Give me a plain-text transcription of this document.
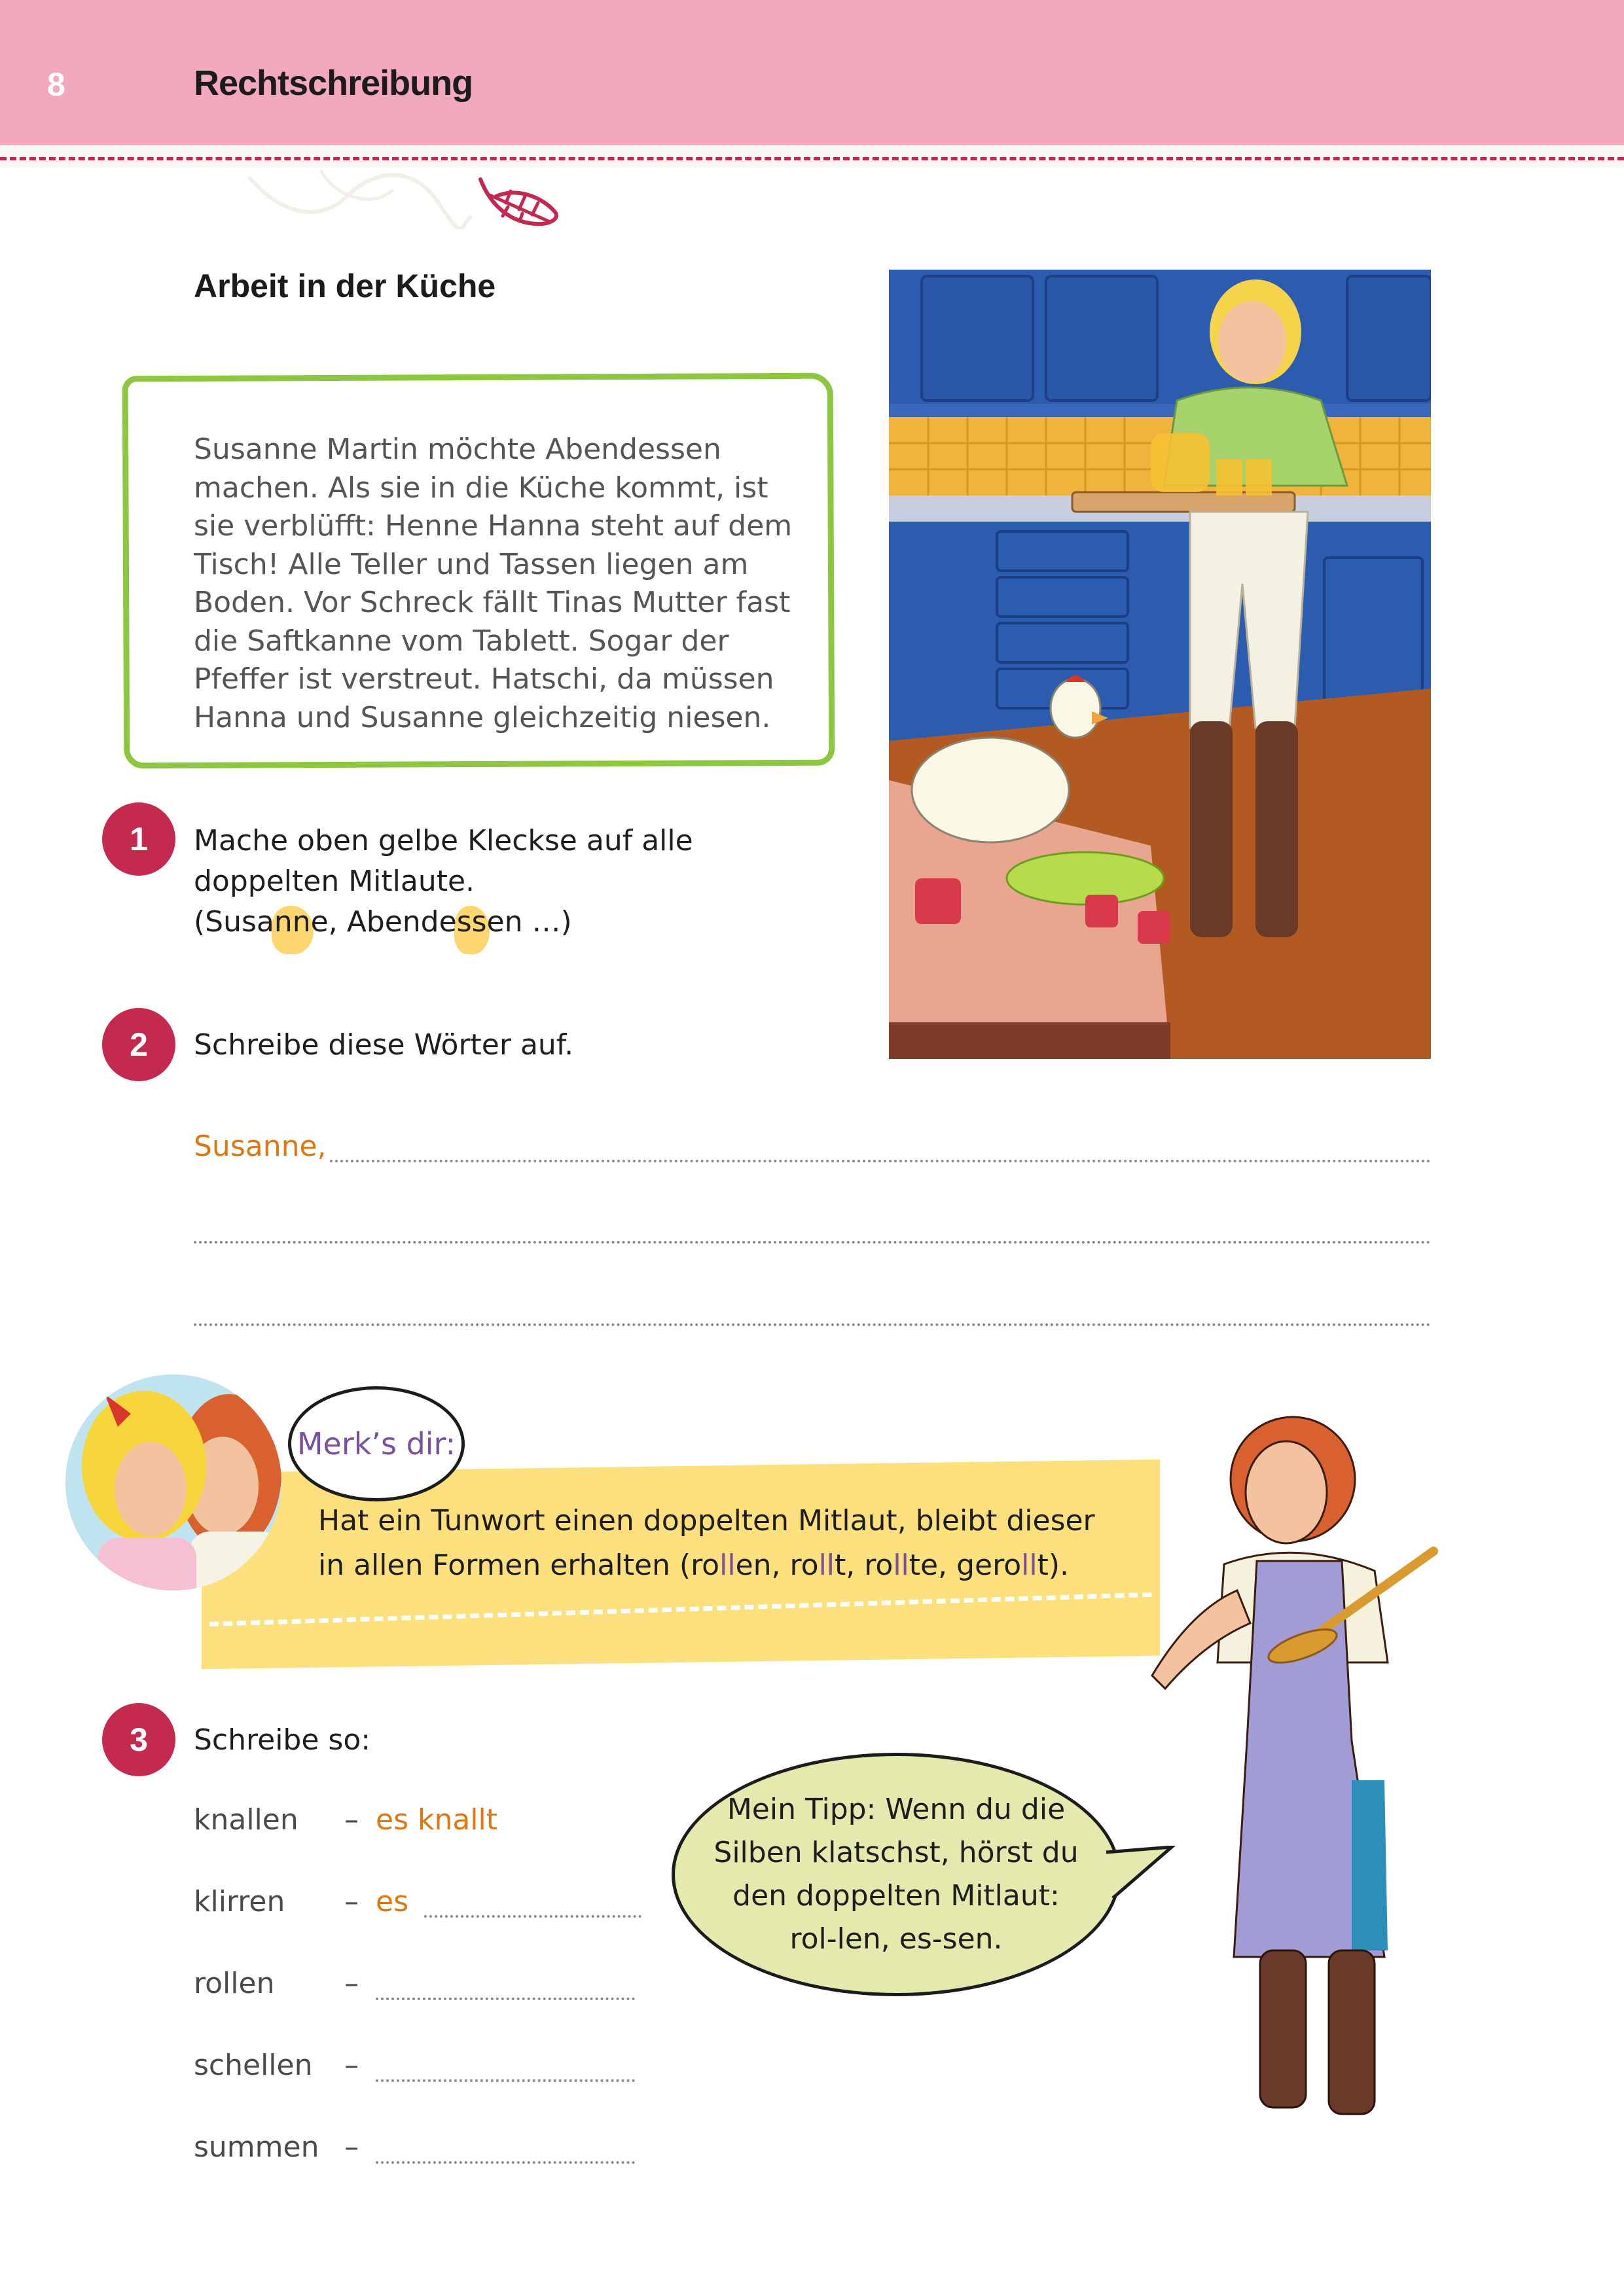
8	Rechtschreibung
Arbeit in der Küche
Susanne Martin möchte Abendessen
machen. Als sie in die Küche kommt, ist
sie verblüfft: Henne Hanna steht auf dem
Tisch! Alle Teller und Tassen liegen am
Boden. Vor Schreck fällt Tinas Mutter fast
die Saftkanne vom Tablett. Sogar der
Pfeffer ist verstreut. Hatschi, da müssen
Hanna und Susanne gleichzeitig niesen.
1	Mache oben gelbe Kleckse auf alle
doppelten Mitlaute.
(Susanne, Abendessen …)
2	Schreibe diese Wörter auf.
Susanne,
Merk’s dir:
Hat ein Tunwort einen doppelten Mitlaut, bleibt dieser
in allen Formen erhalten (rollen, rollt, rollte, gerollt).
3	Schreibe so:
knallen – es knallt
klirren – es
rollen –
schellen –
summen –
Mein Tipp: Wenn du die
Silben klatschst, hörst du
den doppelten Mitlaut:
rol-len, es-sen.
